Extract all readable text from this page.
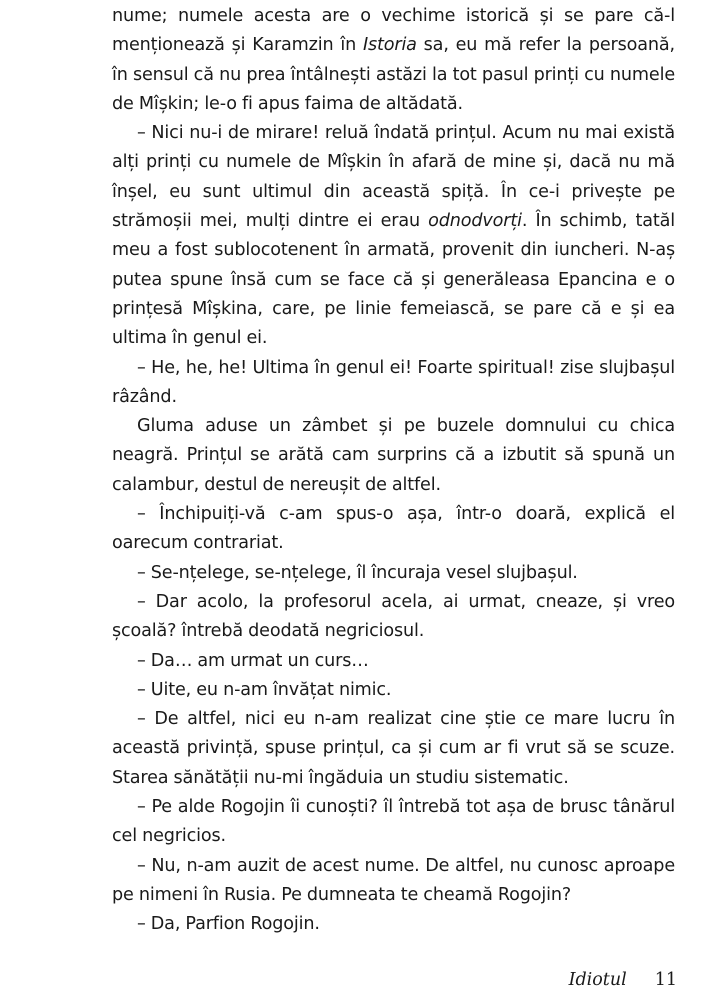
nume; numele acesta are o vechime istorică și se pare că-l menționează și Karamzin în Istoria sa, eu mă refer la persoană, în sensul că nu prea întâlnești astăzi la tot pasul prinți cu numele de Mîșkin; le-o fi apus faima de altădată.

– Nici nu-i de mirare! reluă îndată prințul. Acum nu mai există alți prinți cu numele de Mîșkin în afară de mine și, dacă nu mă înșel, eu sunt ultimul din această spiță. În ce-i privește pe strămoșii mei, mulți dintre ei erau odnodvorți. În schimb, tatăl meu a fost sublocotenent în armată, provenit din iuncheri. N-aș putea spune însă cum se face că și generăleasa Epancina e o prințesă Mîșkina, care, pe linie femeiască, se pare că e și ea ultima în genul ei.

– He, he, he! Ultima în genul ei! Foarte spiritual! zise slujbașul râzând.

Gluma aduse un zâmbet și pe buzele domnului cu chica neagră. Prințul se arătă cam surprins că a izbutit să spună un calambur, destul de nereușit de altfel.

– Închipuiți-vă c-am spus-o așa, într-o doară, explică el oarecum contrariat.

– Se-nțelege, se-nțelege, îl încuraja vesel slujbașul.

– Dar acolo, la profesorul acela, ai urmat, cneaze, și vreo școală? întrebă deodată negriciosul.

– Da… am urmat un curs…

– Uite, eu n-am învățat nimic.

– De altfel, nici eu n-am realizat cine știe ce mare lucru în această privință, spuse prințul, ca și cum ar fi vrut să se scuze. Starea sănătății nu-mi îngăduia un studiu sistematic.

– Pe alde Rogojin îi cunoști? îl întrebă tot așa de brusc tânărul cel negricios.

– Nu, n-am auzit de acest nume. De altfel, nu cunosc aproape pe nimeni în Rusia. Pe dumneata te cheamă Rogojin?

– Da, Parfion Rogojin.

Idiotul 11
